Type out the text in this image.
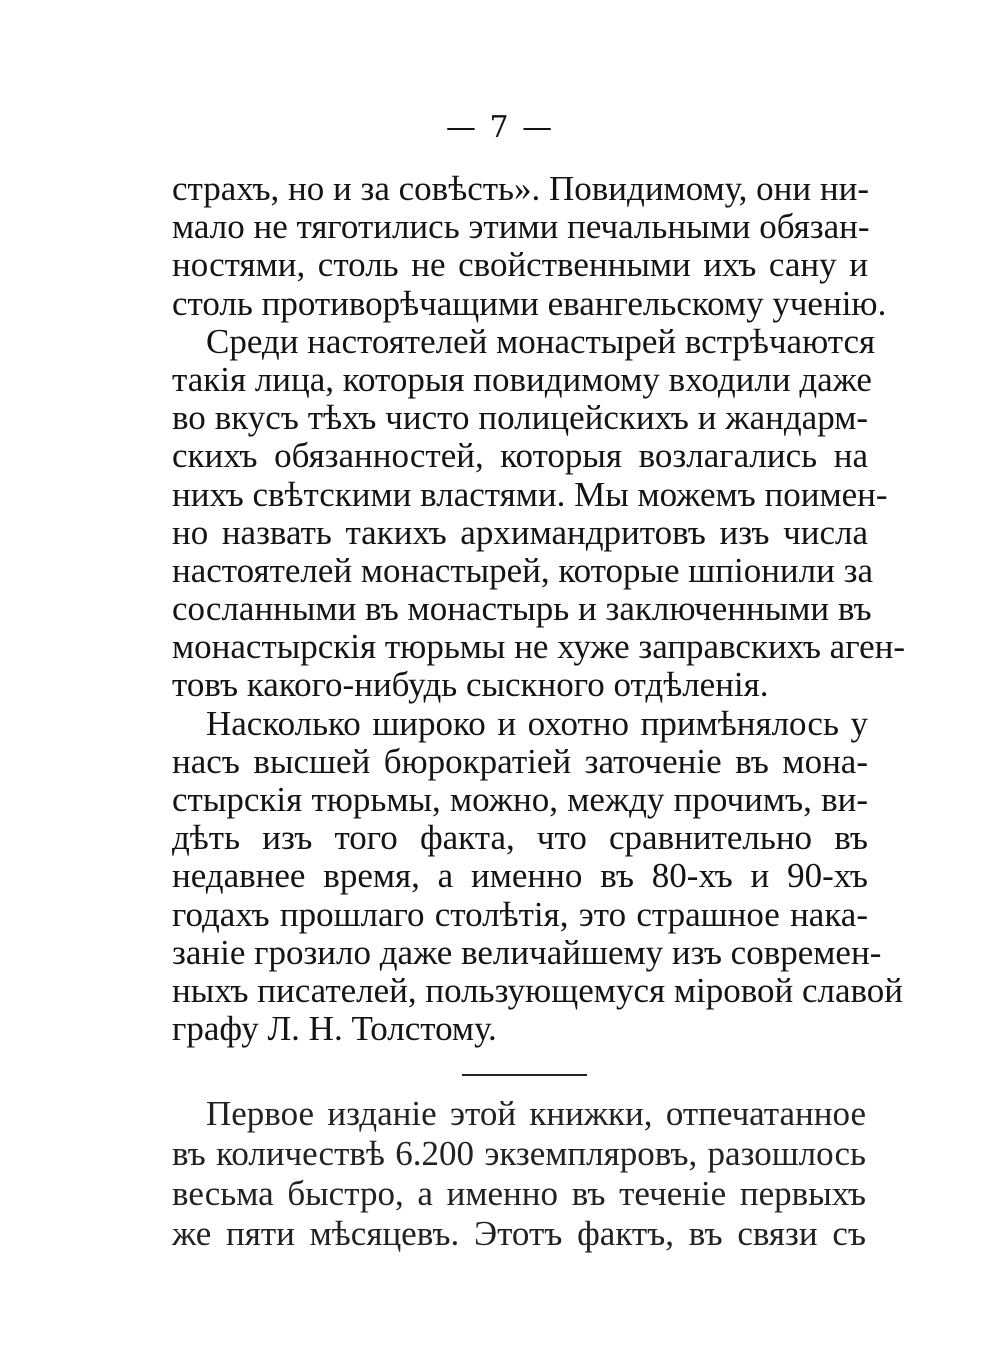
— 7 —
страхъ, но и за совѣсть». Повидимому, они ни-
мало не тяготились этими печальными обязан-
ностями, столь не свойственными ихъ сану и
столь противорѣчащими евангельскому ученію.
Среди настоятелей монастырей встрѣчаются
такія лица, которыя повидимому входили даже
во вкусъ тѣхъ чисто полицейскихъ и жандарм-
скихъ обязанностей, которыя возлагались на
нихъ свѣтскими властями. Мы можемъ поимен-
но назвать такихъ архимандритовъ изъ числа
настоятелей монастырей, которые шпіонили за
сосланными въ монастырь и заключенными въ
монастырскія тюрьмы не хуже заправскихъ аген-
товъ какого-нибудь сыскного отдѣленія.
Насколько широко и охотно примѣнялось у
насъ высшей бюрократіей заточеніе въ мона-
стырскія тюрьмы, можно, между прочимъ, ви-
дѣть изъ того факта, что сравнительно въ
недавнее время, а именно въ 80-хъ и 90-хъ
годахъ прошлаго столѣтія, это страшное нака-
заніе грозило даже величайшему изъ современ-
ныхъ писателей, пользующемуся міровой славой
графу Л. Н. Толстому.
Первое изданіе этой книжки, отпечатанное
въ количествѣ 6.200 экземпляровъ, разошлось
весьма быстро, а именно въ теченіе первыхъ
же пяти мѣсяцевъ. Этотъ фактъ, въ связи съ
